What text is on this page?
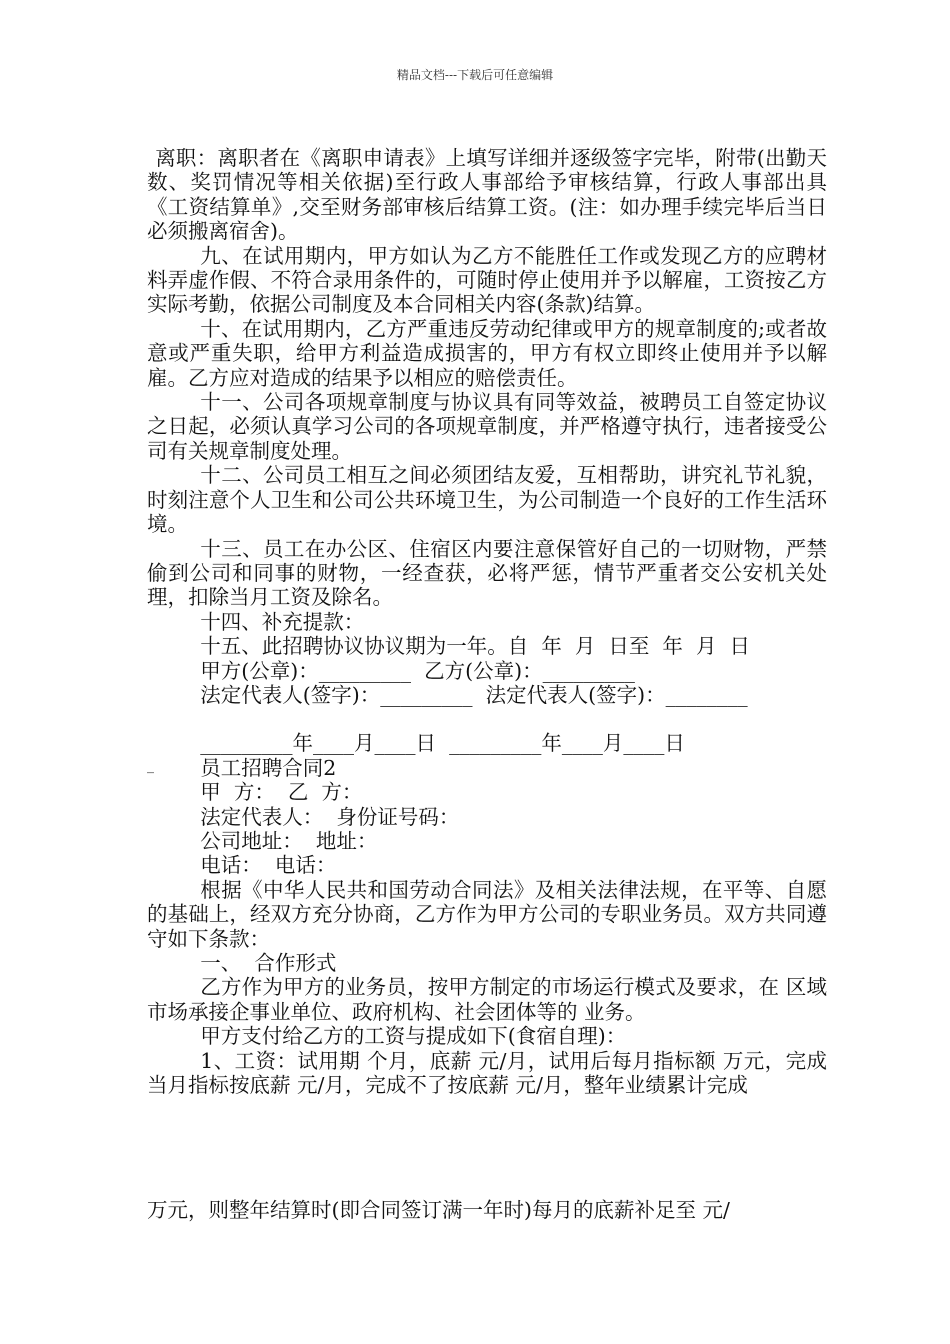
精品文档---下载后可任意编辑

离职：离职者在《离职申请表》上填写详细并逐级签字完毕，附带(出勤天数、奖罚情况等相关依据)至行政人事部给予审核结算，行政人事部出具《工资结算单》,交至财务部审核后结算工资。(注：如办理手续完毕后当日必须搬离宿舍)。

九、在试用期内，甲方如认为乙方不能胜任工作或发现乙方的应聘材料弄虚作假、不符合录用条件的，可随时停止使用并予以解雇，工资按乙方实际考勤，依据公司制度及本合同相关内容(条款)结算。

十、在试用期内，乙方严重违反劳动纪律或甲方的规章制度的;或者故意或严重失职，给甲方利益造成损害的，甲方有权立即终止使用并予以解雇。乙方应对造成的结果予以相应的赔偿责任。

十一、公司各项规章制度与协议具有同等效益，被聘员工自签定协议之日起，必须认真学习公司的各项规章制度，并严格遵守执行，违者接受公司有关规章制度处理。

十二、公司员工相互之间必须团结友爱，互相帮助，讲究礼节礼貌，时刻注意个人卫生和公司公共环境卫生，为公司制造一个良好的工作生活环境。

十三、员工在办公区、住宿区内要注意保管好自己的一切财物，严禁偷到公司和同事的财物，一经查获，必将严惩，情节严重者交公安机关处理，扣除当月工资及除名。

十四、补充提款：

十五、此招聘协议协议期为一年。自  年  月  日至  年  月  日

甲方(公章)：_________  乙方(公章)：_________

法定代表人(签字)：_________  法定代表人(签字)：________

_________年____月____日  _________年____月____日

员工招聘合同2

甲  方：  乙  方：

法定代表人：  身份证号码：

公司地址：  地址：

电话：  电话：

根据《中华人民共和国劳动合同法》及相关法律法规，在平等、自愿的基础上，经双方充分协商，乙方作为甲方公司的专职业务员。双方共同遵守如下条款：

一、  合作形式

乙方作为甲方的业务员，按甲方制定的市场运行模式及要求，在 区域市场承接企事业单位、政府机构、社会团体等的 业务。

甲方支付给乙方的工资与提成如下(食宿自理)：

1、工资：试用期 个月，底薪 元/月，试用后每月指标额 万元，完成当月指标按底薪 元/月，完成不了按底薪 元/月，整年业绩累计完成

_
万元，则整年结算时(即合同签订满一年时)每月的底薪补足至 元/
